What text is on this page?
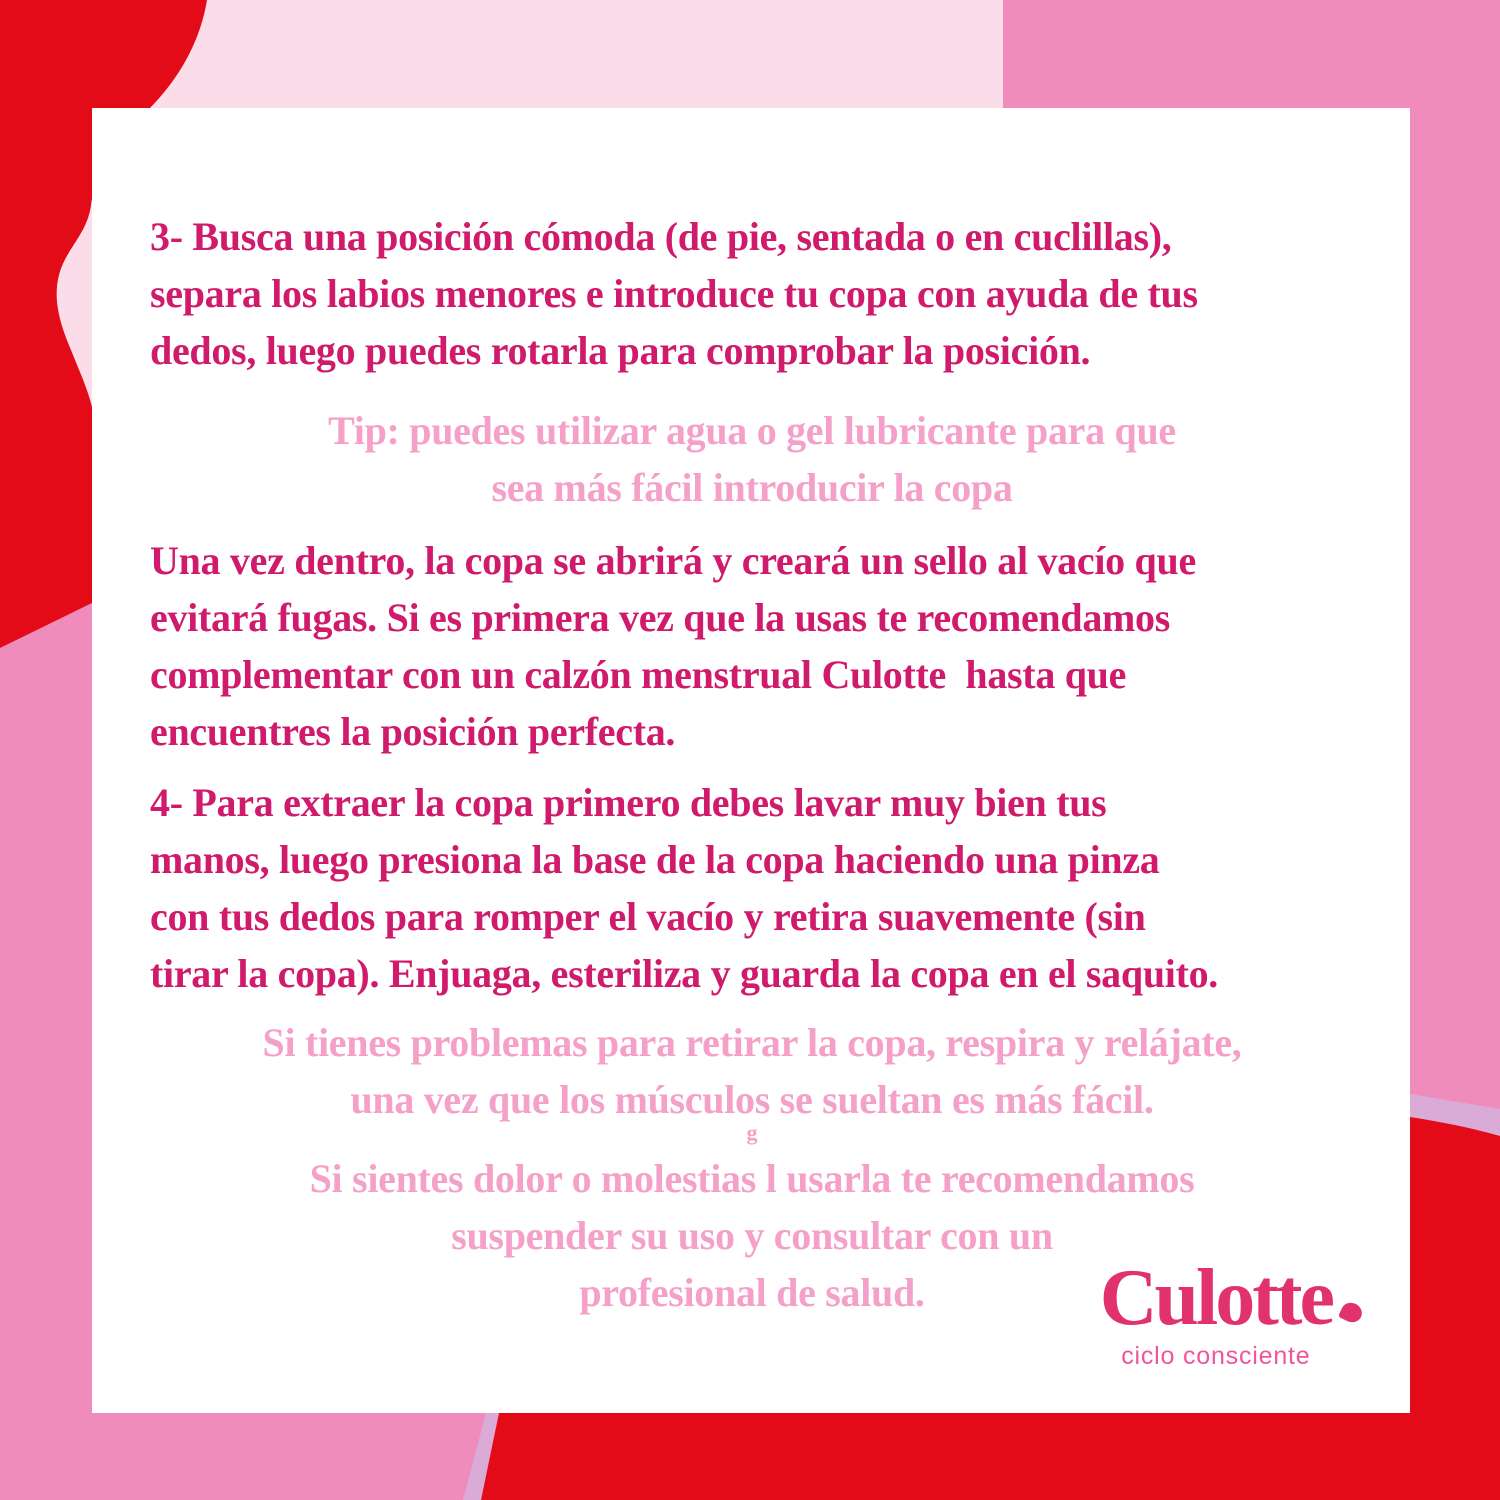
3- Busca una posición cómoda (de pie, sentada o en cuclillas),
separa los labios menores e introduce tu copa con ayuda de tus
dedos, luego puedes rotarla para comprobar la posición.
Tip: puedes utilizar agua o gel lubricante para que
sea más fácil introducir la copa
Una vez dentro, la copa se abrirá y creará un sello al vacío que
evitará fugas. Si es primera vez que la usas te recomendamos
complementar con un calzón menstrual Culotte  hasta que
encuentres la posición perfecta.
4- Para extraer la copa primero debes lavar muy bien tus
manos, luego presiona la base de la copa haciendo una pinza
con tus dedos para romper el vacío y retira suavemente (sin
tirar la copa). Enjuaga, esteriliza y guarda la copa en el saquito.
Si tienes problemas para retirar la copa, respira y relájate,
una vez que los músculos se sueltan es más fácil.
g
Si sientes dolor o molestias l usarla te recomendamos
suspender su uso y consultar con un
profesional de salud.	Culotte
ciclo consciente
